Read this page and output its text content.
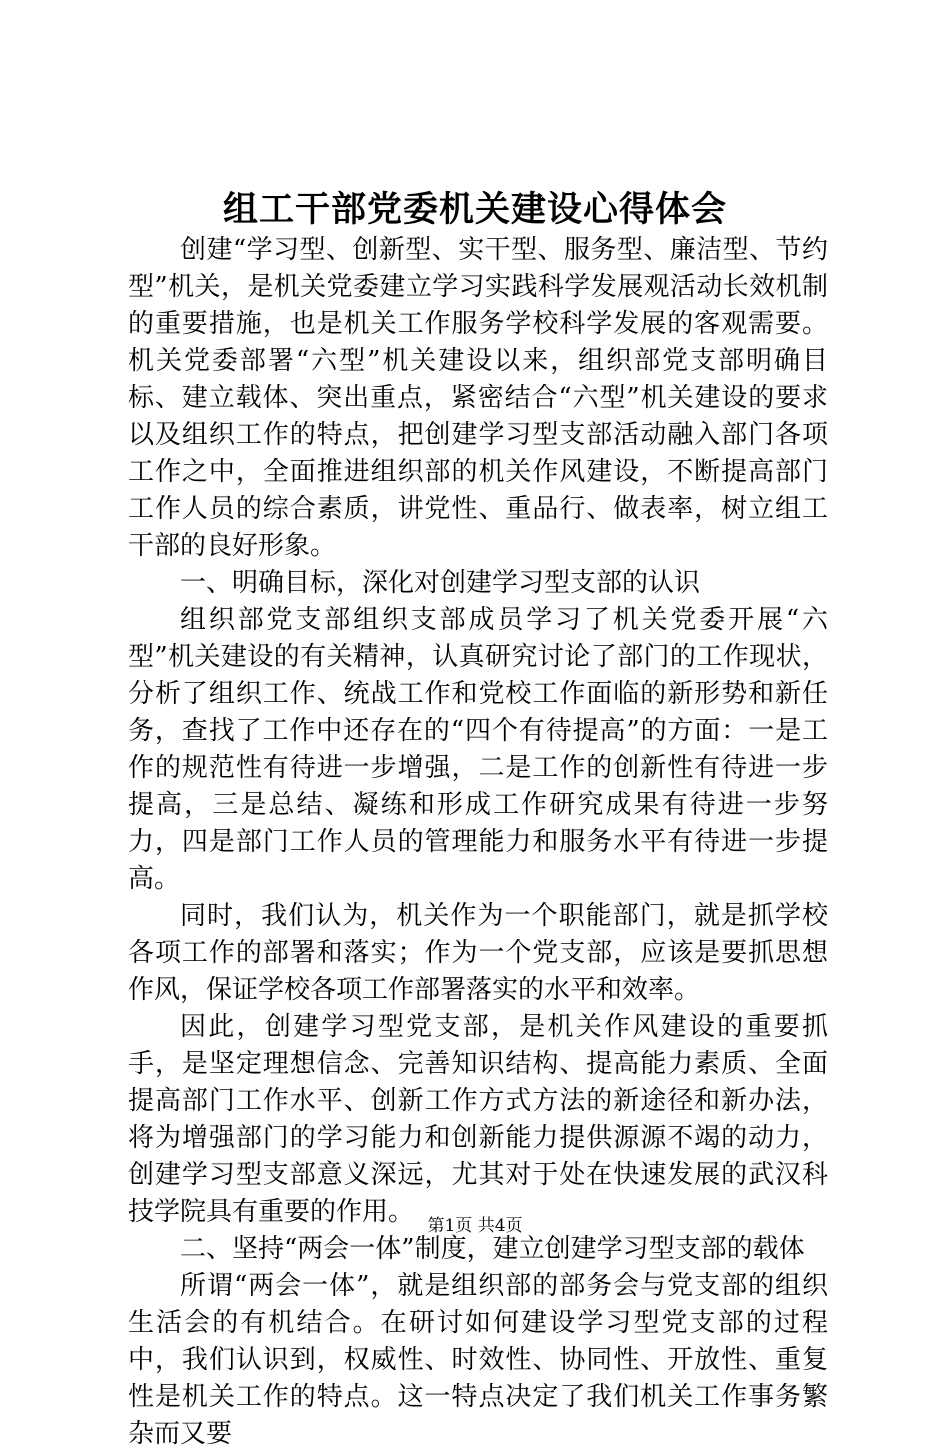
组工干部党委机关建设心得体会

创建“学习型、创新型、实干型、服务型、廉洁型、节约型”机关，是机关党委建立学习实践科学发展观活动长效机制的重要措施，也是机关工作服务学校科学发展的客观需要。机关党委部署“六型”机关建设以来，组织部党支部明确目标、建立载体、突出重点，紧密结合“六型”机关建设的要求以及组织工作的特点，把创建学习型支部活动融入部门各项工作之中，全面推进组织部的机关作风建设，不断提高部门工作人员的综合素质，讲党性、重品行、做表率，树立组工干部的良好形象。

一、明确目标，深化对创建学习型支部的认识

组织部党支部组织支部成员学习了机关党委开展“六型”机关建设的有关精神，认真研究讨论了部门的工作现状，分析了组织工作、统战工作和党校工作面临的新形势和新任务，查找了工作中还存在的“四个有待提高”的方面：一是工作的规范性有待进一步增强，二是工作的创新性有待进一步提高，三是总结、凝练和形成工作研究成果有待进一步努力，四是部门工作人员的管理能力和服务水平有待进一步提高。

同时，我们认为，机关作为一个职能部门，就是抓学校各项工作的部署和落实；作为一个党支部，应该是要抓思想作风，保证学校各项工作部署落实的水平和效率。

因此，创建学习型党支部，是机关作风建设的重要抓手，是坚定理想信念、完善知识结构、提高能力素质、全面提高部门工作水平、创新工作方式方法的新途径和新办法，将为增强部门的学习能力和创新能力提供源源不竭的动力，创建学习型支部意义深远，尤其对于处在快速发展的武汉科技学院具有重要的作用。

二、坚持“两会一体”制度，建立创建学习型支部的载体

所谓“两会一体”，就是组织部的部务会与党支部的组织生活会的有机结合。在研讨如何建设学习型党支部的过程中，我们认识到，权威性、时效性、协同性、开放性、重复性是机关工作的特点。这一特点决定了我们机关工作事务繁杂而又要

第1页 共4页
